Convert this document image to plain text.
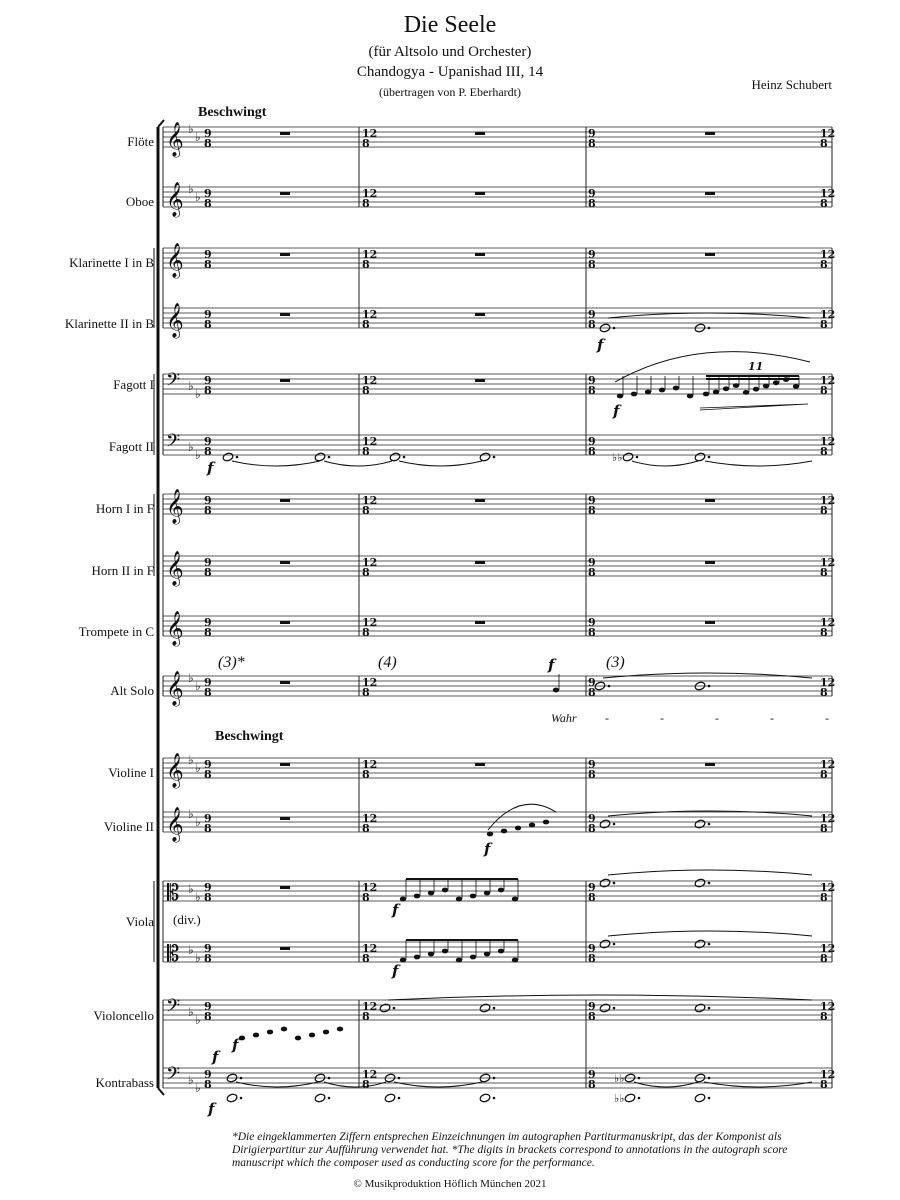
Die Seele
(für Altsolo und Orchester)
Chandogya - Upanishad III, 14
(übertragen von P. Eberhardt)	Heinz Schubert
Beschwingt
Beschwingt
Flöte
Oboe
Klarinette I in B
Klarinette II in B
Fagott I
Fagott II
Horn I in F
Horn II in F
Trompete in C
Alt Solo
Violine I
Violine II
Viola
Violoncello
Kontrabass
(div.)
(3)*	(4)	(3)
Wahr -     -     -     -     -
𝄞 ♭
♭ 9
8
12
8
9
8
12
8
𝄞 ♭
♭ 9
8
12
8
9
8
12
8
𝄞 9
8
12
8
9
8
12
8
𝄞 9
8
12
8
9
8
12
8
𝄢 ♭
♭
9
8
12
8
9
8
12
8
𝄢 ♭
♭
9
8
12
8
9
8
12
8
𝄞 9
8
12
8
9
8
12
8
𝄞 9
8
12
8
9
8
12
8
𝄞 9
8
12
8
9
8
12
8
𝄞 ♭
♭ 9
8
12
8
9
8
12
8
𝄞 ♭
♭ 9
8
12
8
9
8
12
8
𝄞 ♭
♭ 9
8
12
8
9
8
12
8
𝄡 ♭
♭
9
8
12
8
9
8
12
8
𝄡 ♭
♭
9
8
12
8
9
8
12
8
𝄢 ♭
♭
9
8
12
8
9
8
12
8
𝄢 ♭
♭
9
8
12
8
9
8
12
8
f
♭♭
f
f
11
f
f
f
f
f
♭♭
♭♭
f
f
*Die eingeklammerten Ziffern entsprechen Einzeichnungen im autographen Partiturmanuskript, das der Komponist als Dirigierpartitur zur Aufführung verwendet hat. *The digits in brackets correspond to annotations in the autograph score manuscript which the composer used as conducting score for the performance.
© Musikproduktion Höflich München 2021
